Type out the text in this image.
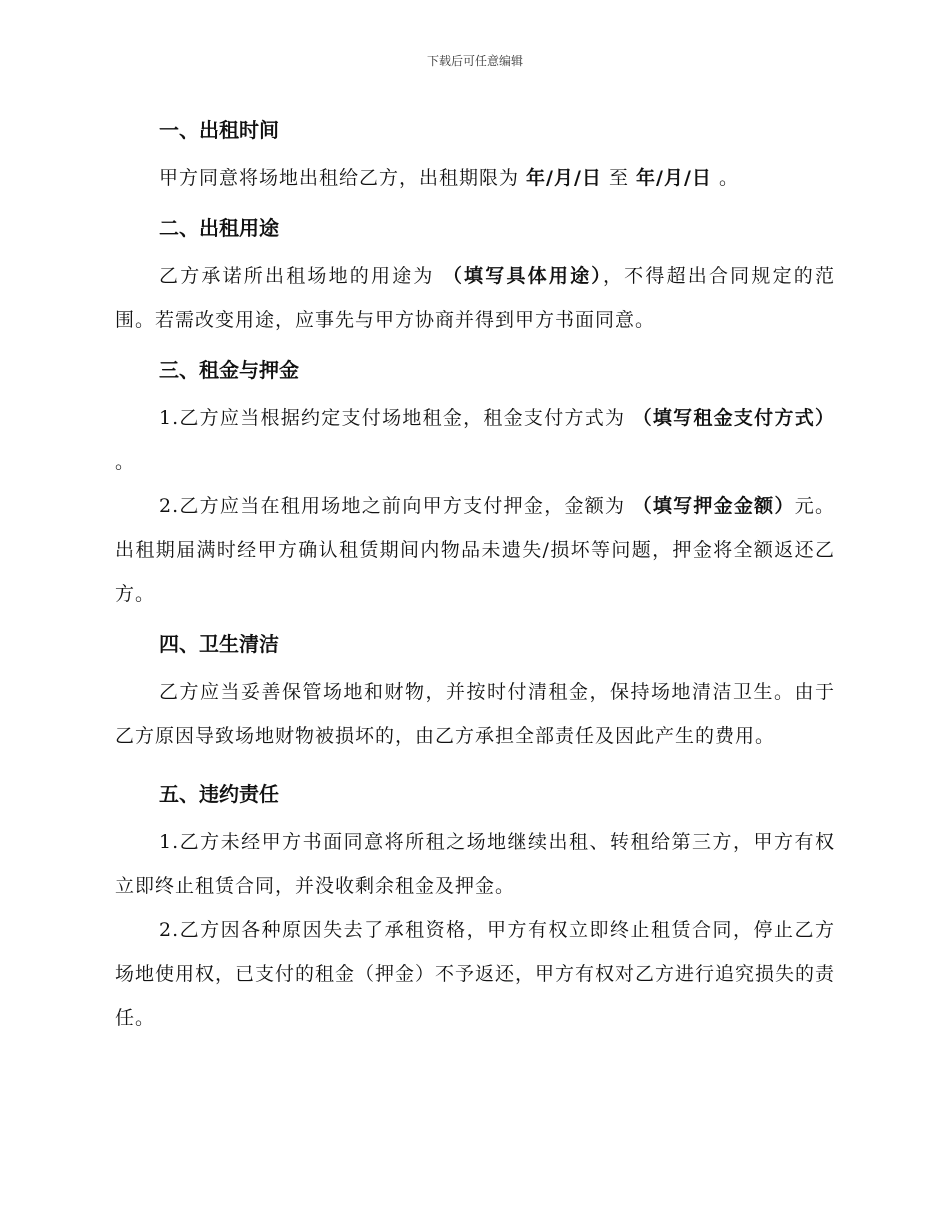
下载后可任意编辑
一、出租时间

甲方同意将场地出租给乙方，出租期限为 年/月/日 至 年/月/日 。

二、出租用途

乙方承诺所出租场地的用途为 （填写具体用途），不得超出合同规定的范围。若需改变用途，应事先与甲方协商并得到甲方书面同意。

三、租金与押金

1.乙方应当根据约定支付场地租金，租金支付方式为 （填写租金支付方式） 。

2.乙方应当在租用场地之前向甲方支付押金，金额为 （填写押金金额）元。出租期届满时经甲方确认租赁期间内物品未遗失/损坏等问题，押金将全额返还乙方。

四、卫生清洁

乙方应当妥善保管场地和财物，并按时付清租金，保持场地清洁卫生。由于乙方原因导致场地财物被损坏的，由乙方承担全部责任及因此产生的费用。

五、违约责任

1.乙方未经甲方书面同意将所租之场地继续出租、转租给第三方，甲方有权立即终止租赁合同，并没收剩余租金及押金。

2.乙方因各种原因失去了承租资格，甲方有权立即终止租赁合同，停止乙方场地使用权，已支付的租金（押金）不予返还，甲方有权对乙方进行追究损失的责任。
